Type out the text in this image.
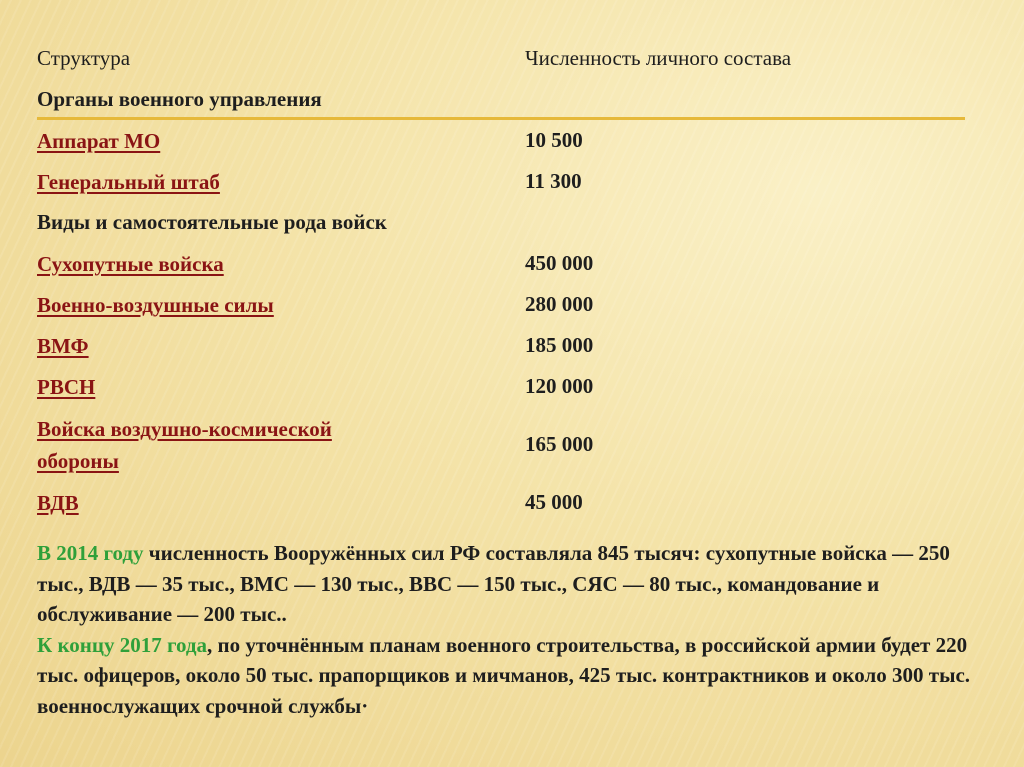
Структура	Численность личного состава
Органы военного управления	
Аппарат МО	10 500
Генеральный штаб	11 300
Виды и самостоятельные рода войск	
Сухопутные войска	450 000
Военно-воздушные силы	280 000
ВМФ	185 000
РВСН	120 000
Войска воздушно-космической
обороны	165 000
ВДВ	45 000
В 2014 году численность Вооружённых сил РФ составляла 845 тысяч: сухопутные войска — 250 тыс., ВДВ — 35 тыс., ВМС — 130 тыс., ВВС — 150 тыс., СЯС — 80 тыс., командование и обслуживание — 200 тыс..
К концу 2017 года, по уточнённым планам военного строительства, в российской армии будет 220 тыс. офицеров, около 50 тыс. прапорщиков и мичманов, 425 тыс. контрактников и около 300 тыс. военнослужащих срочной службы·
